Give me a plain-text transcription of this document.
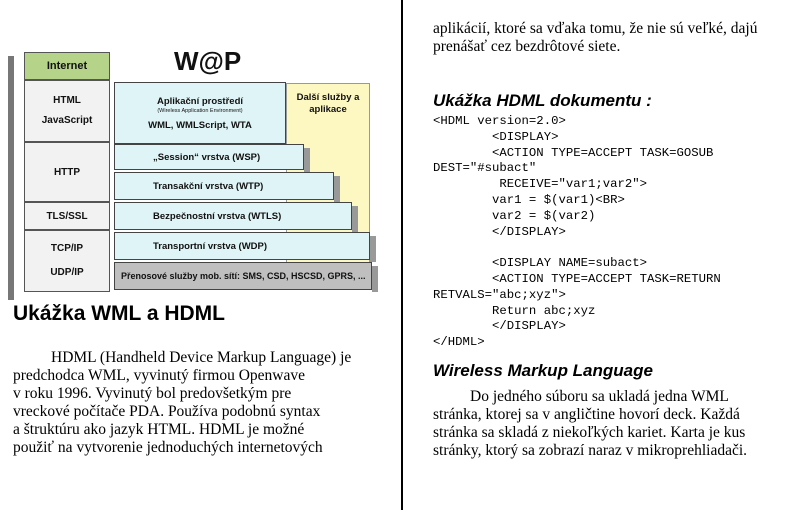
W@P
Internet
HTML
JavaScript
HTTP
TLS/SSL
TCP/IP
UDP/IP
Další služby a aplikace
Aplikační prostředí
(Wireless Application Environment)
WML, WMLScript, WTA
„Session“ vrstva (WSP)
Transakční vrstva (WTP)
Bezpečnostní vrstva (WTLS)
Transportní vrstva (WDP)
Přenosové služby mob. sítí: SMS, CSD, HSCSD, GPRS, ...
Ukážka WML a HDML
HDML (Handheld Device Markup Language) je
predchodca WML, vyvinutý firmou Openwave
v roku 1996. Vyvinutý bol predovšetkým pre
vreckové počítače PDA. Používa podobnú syntax
a štruktúru ako jazyk HTML. HDML je možné
použiť na vytvorenie jednoduchých internetových
aplikácií, ktoré sa vďaka tomu, že nie sú veľké, dajú
prenášať cez bezdrôtové siete.
Ukážka HDML dokumentu :
<HDML version=2.0>
<DISPLAY>
<ACTION TYPE=ACCEPT TASK=GOSUB
DEST="#subact"
RECEIVE="var1;var2">
var1 = $(var1)<BR>
var2 = $(var2)
</DISPLAY>

<DISPLAY NAME=subact>
<ACTION TYPE=ACCEPT TASK=RETURN
RETVALS="abc;xyz">
Return abc;xyz
</DISPLAY>
</HDML>
Wireless Markup Language
Do jedného súboru sa ukladá jedna WML
stránka, ktorej sa v angličtine hovorí deck. Každá
stránka sa skladá z niekoľkých kariet. Karta je kus
stránky, ktorý sa zobrazí naraz v mikroprehliadači.
